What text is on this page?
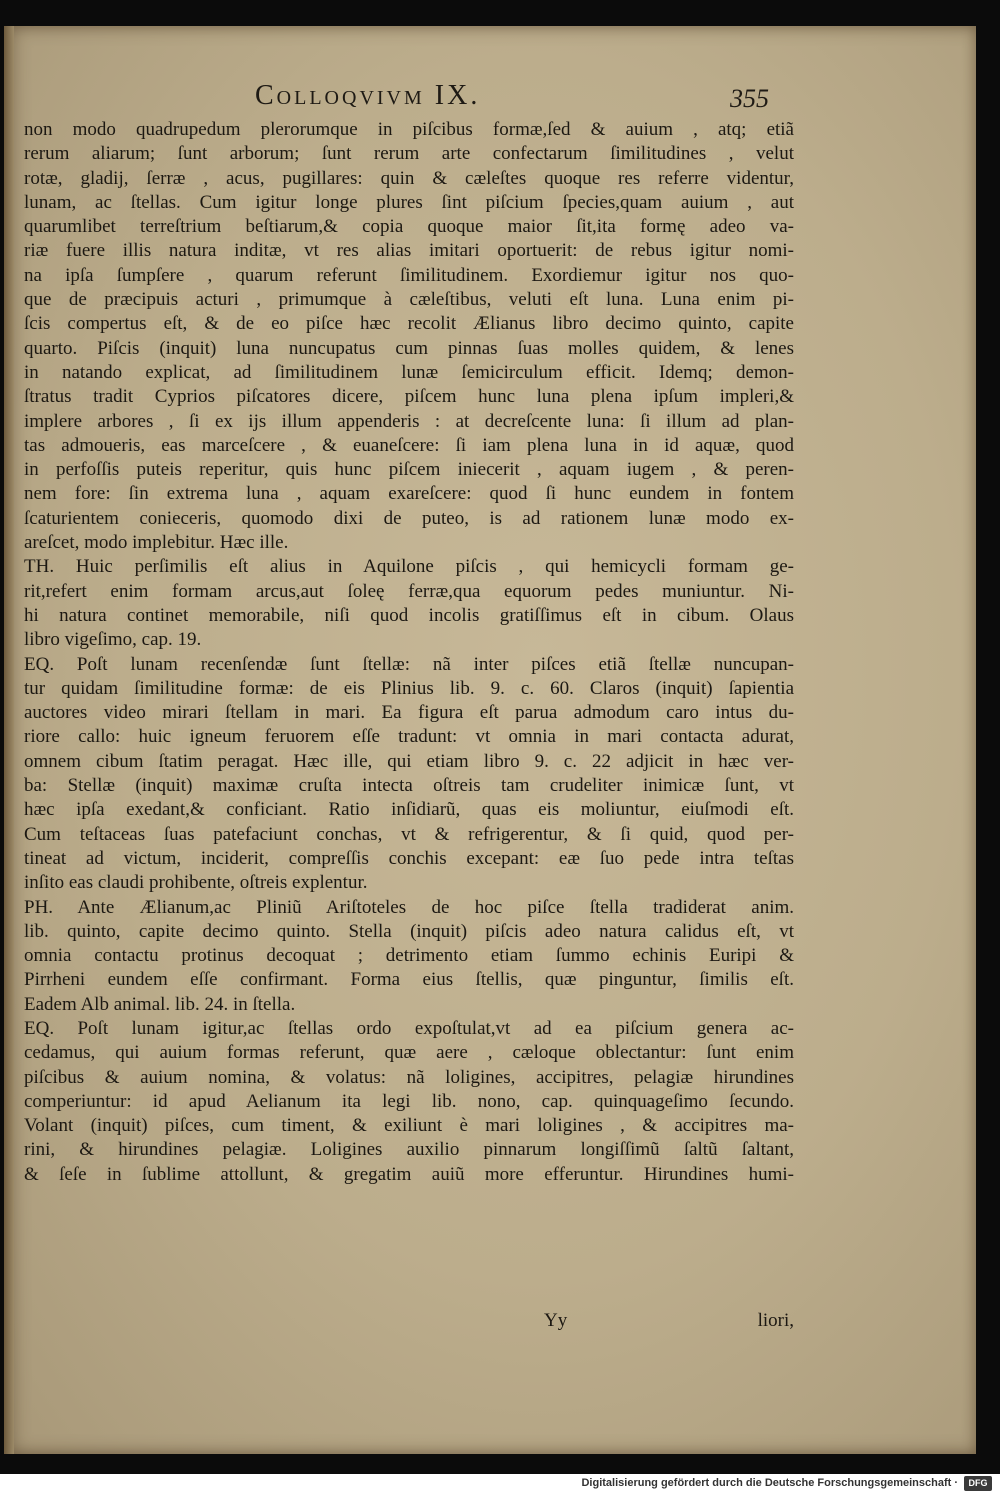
Colloqvivm IX.	355
non modo quadrupedum plerorumque in piſcibus formæ,ſed & auium , atq; etiã
rerum aliarum; ſunt arborum; ſunt rerum arte confectarum ſimilitudines , velut
rotæ, gladij, ſerræ , acus, pugillares: quin & cæleſtes quoque res referre videntur,
lunam, ac ſtellas. Cum igitur longe plures ſint piſcium ſpecies,quam auium , aut
quarumlibet terreſtrium beſtiarum,& copia quoque maior ſit,ita formę adeo va-
riæ fuere illis natura inditæ, vt res alias imitari oportuerit: de rebus igitur nomi-
na ipſa ſumpſere , quarum referunt ſimilitudinem. Exordiemur igitur nos quo-
que de præcipuis acturi , primumque à cæleſtibus, veluti eſt luna. Luna enim pi-
ſcis compertus eſt, & de eo piſce hæc recolit Ælianus libro decimo quinto, capite
quarto. Piſcis (inquit) luna nuncupatus cum pinnas ſuas molles quidem, & lenes
in natando explicat, ad ſimilitudinem lunæ ſemicirculum efficit. Idemq; demon-
ſtratus tradit Cyprios piſcatores dicere, piſcem hunc luna plena ipſum impleri,&
implere arbores , ſi ex ijs illum appenderis : at decreſcente luna: ſi illum ad plan-
tas admoueris, eas marceſcere , & euaneſcere: ſi iam plena luna in id aquæ, quod
in perfoſſis puteis reperitur, quis hunc piſcem iniecerit , aquam iugem , & peren-
nem fore: ſin extrema luna , aquam exareſcere: quod ſi hunc eundem in fontem
ſcaturientem conieceris, quomodo dixi de puteo, is ad rationem lunæ modo ex-
areſcet, modo implebitur. Hæc ille.
TH. Huic perſimilis eſt alius in Aquilone piſcis , qui hemicycli formam ge-
rit,refert enim formam arcus,aut ſoleę ferræ,qua equorum pedes muniuntur. Ni-
hi natura continet memorabile, niſi quod incolis gratiſſimus eſt in cibum. Olaus
libro vigeſimo, cap. 19.
EQ. Poſt lunam recenſendæ ſunt ſtellæ: nã inter piſces etiã ſtellæ nuncupan-
tur quidam ſimilitudine formæ: de eis Plinius lib. 9. c. 60. Claros (inquit) ſapientia
auctores video mirari ſtellam in mari. Ea figura eſt parua admodum caro intus du-
riore callo: huic igneum feruorem eſſe tradunt: vt omnia in mari contacta adurat,
omnem cibum ſtatim peragat. Hæc ille, qui etiam libro 9. c. 22 adjicit in hæc ver-
ba: Stellæ (inquit) maximæ cruſta intecta oſtreis tam crudeliter inimicæ ſunt, vt
hæc ipſa exedant,& conficiant. Ratio inſidiarũ, quas eis moliuntur, eiuſmodi eſt.
Cum teſtaceas ſuas patefaciunt conchas, vt & refrigerentur, & ſi quid, quod per-
tineat ad victum, inciderit, compreſſis conchis excepant: eæ ſuo pede intra teſtas
inſito eas claudi prohibente, oſtreis explentur.
PH. Ante Ælianum,ac Pliniũ Ariſtoteles de hoc piſce ſtella tradiderat anim.
lib. quinto, capite decimo quinto. Stella (inquit) piſcis adeo natura calidus eſt, vt
omnia contactu protinus decoquat ; detrimento etiam ſummo echinis Euripi &
Pirrheni eundem eſſe confirmant. Forma eius ſtellis, quæ pinguntur, ſimilis eſt.
Eadem Alb animal. lib. 24. in ſtella.
EQ. Poſt lunam igitur,ac ſtellas ordo expoſtulat,vt ad ea piſcium genera ac-
cedamus, qui auium formas referunt, quæ aere , cæloque oblectantur: ſunt enim
piſcibus & auium nomina, & volatus: nã loligines, accipitres, pelagiæ hirundines
comperiuntur: id apud Aelianum ita legi lib. nono, cap. quinquageſimo ſecundo.
Volant (inquit) piſces, cum timent, & exiliunt è mari loligines , & accipitres ma-
rini, & hirundines pelagiæ. Loligines auxilio pinnarum longiſſimũ ſaltũ ſaltant,
& ſeſe in ſublime attollunt, & gregatim auiũ more efferuntur. Hirundines humi-
Yy	liori,
Digitalisierung gefördert durch die Deutsche Forschungsgemeinschaft ·	DFG
